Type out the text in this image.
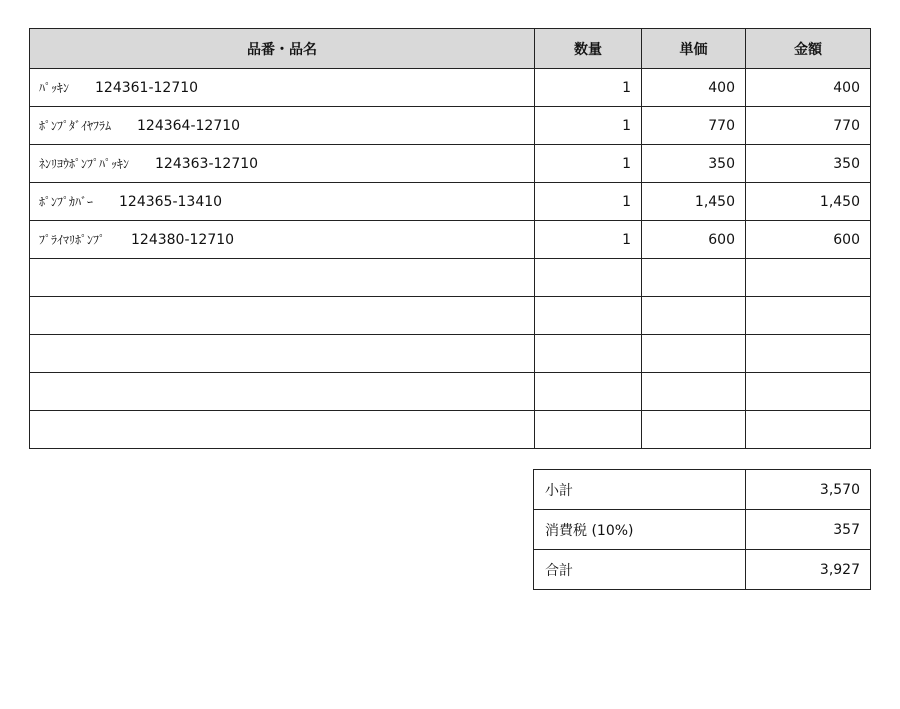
品番・品名	数量	単価	金額
ﾊﾟｯｷﾝ 124361-12710	1	400	400
ﾎﾟﾝﾌﾟﾀﾞｲﾔﾌﾗﾑ 124364-12710	1	770	770
ﾈﾝﾘﾖｳﾎﾟﾝﾌﾟﾊﾟｯｷﾝ 124363-12710	1	350	350
ﾎﾟﾝﾌﾟｶﾊﾞｰ 124365-13410	1	1,450	1,450
ﾌﾟﾗｲﾏﾘﾎﾟﾝﾌﾟ 124380-12710	1	600	600

小計	3,570
消費税 (10%)	357
合計	3,927
